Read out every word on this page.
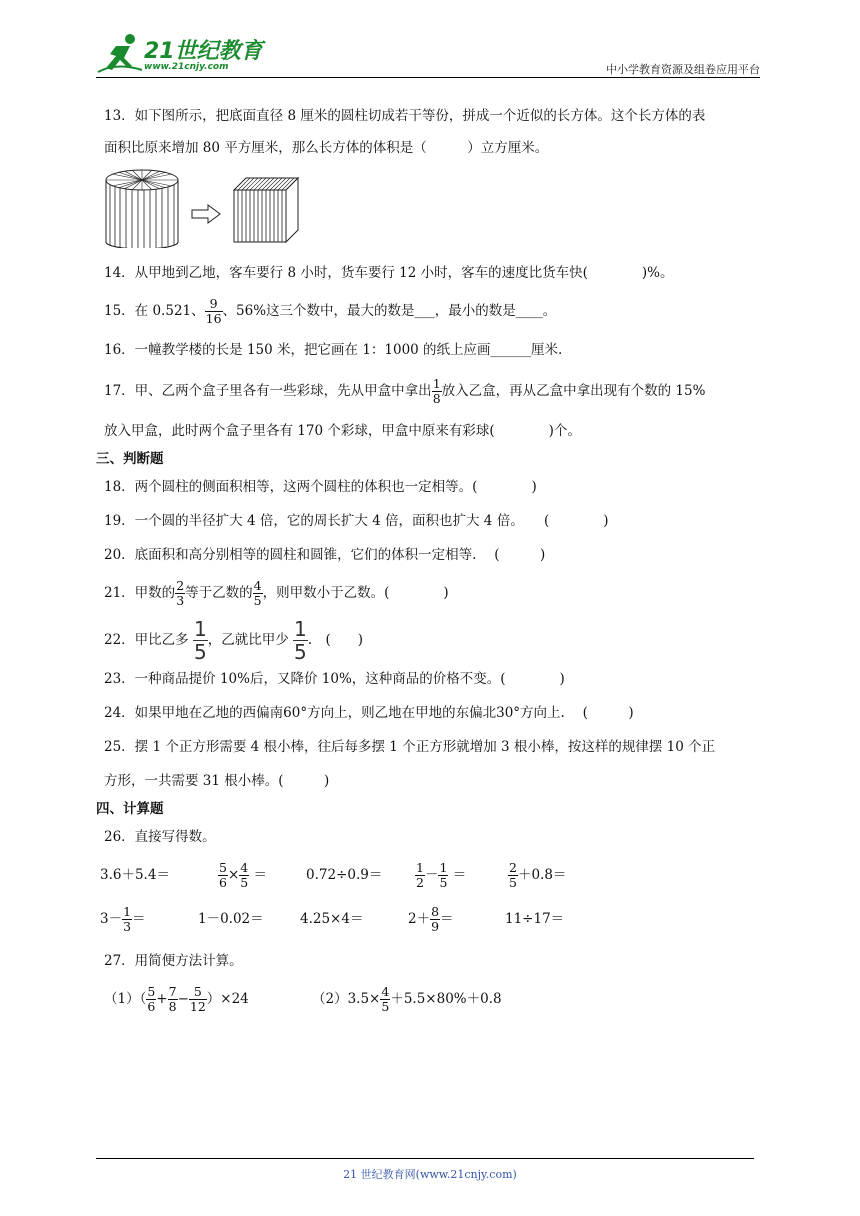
21世纪教育
www.21cnjy.com	中小学教育资源及组卷应用平台
13．如下图所示，把底面直径 8 厘米的圆柱切成若干等份，拼成一个近似的长方体。这个长方体的表
面积比原来增加 80 平方厘米，那么长方体的体积是（　　　）立方厘米。
14．从甲地到乙地，客车要行 8 小时，货车要行 12 小时，客车的速度比货车快(　　　　)%。
15．在 0.521、 $\frac{9}{16}$ 、56%这三个数中，最大的数是___，最小的数是____。
16．一幢教学楼的长是 150 米，把它画在 1：1000 的纸上应画______厘米.
17．甲、乙两个盒子里各有一些彩球，先从甲盒中拿出 $\frac{1}{8}$ 放入乙盒，再从乙盒中拿出现有个数的 15%
放入甲盒，此时两个盒子里各有 170 个彩球，甲盒中原来有彩球(　　　　)个。
三、判断题
18．两个圆柱的侧面积相等，这两个圆柱的体积也一定相等。(　　　　)
19．一个圆的半径扩大 4 倍，它的周长扩大 4 倍，面积也扩大 4 倍。　　(　　　　)
20．底面积和高分别相等的圆柱和圆锥，它们的体积一定相等.　 (　　　)
21．甲数的 $\frac{2}{3}$ 等于乙数的 $\frac{4}{5}$ ，则甲数小于乙数。(　　　　)
22．甲比乙多 $\frac{1}{5}$ ，乙就比甲少 $\frac{1}{5}$ .　(　　)
23．一种商品提价 10%后，又降价 10%，这种商品的价格不变。(　　　　)
24．如果甲地在乙地的西偏南60°方向上，则乙地在甲地的东偏北30°方向上.　 (　　　)
25．摆 1 个正方形需要 4 根小棒，往后每多摆 1 个正方形就增加 3 根小棒，按这样的规律摆 10 个正
方形，一共需要 31 根小棒。(　　　)
四、计算题
26．直接写得数。
3.6＋5.4＝	$\frac{5}{6} \times \frac{4}{5}$ ＝	0.72÷0.9＝	$\frac{1}{2} - \frac{1}{5}$ ＝	$\frac{2}{5} +0.8=$
$3- \frac{1}{3}$ ＝	1－0.02＝	4.25×4＝	$2+ \frac{8}{9}$ ＝	11÷17＝
27．用简便方法计算。
$(1)( \frac{5}{6} + \frac{7}{8} - \frac{5}{12} )\times 24$	$(2)3.5\times \frac{4}{5} +5.5\times 80\%+0.8$
21 世纪教育网(www.21cnjy.com)
